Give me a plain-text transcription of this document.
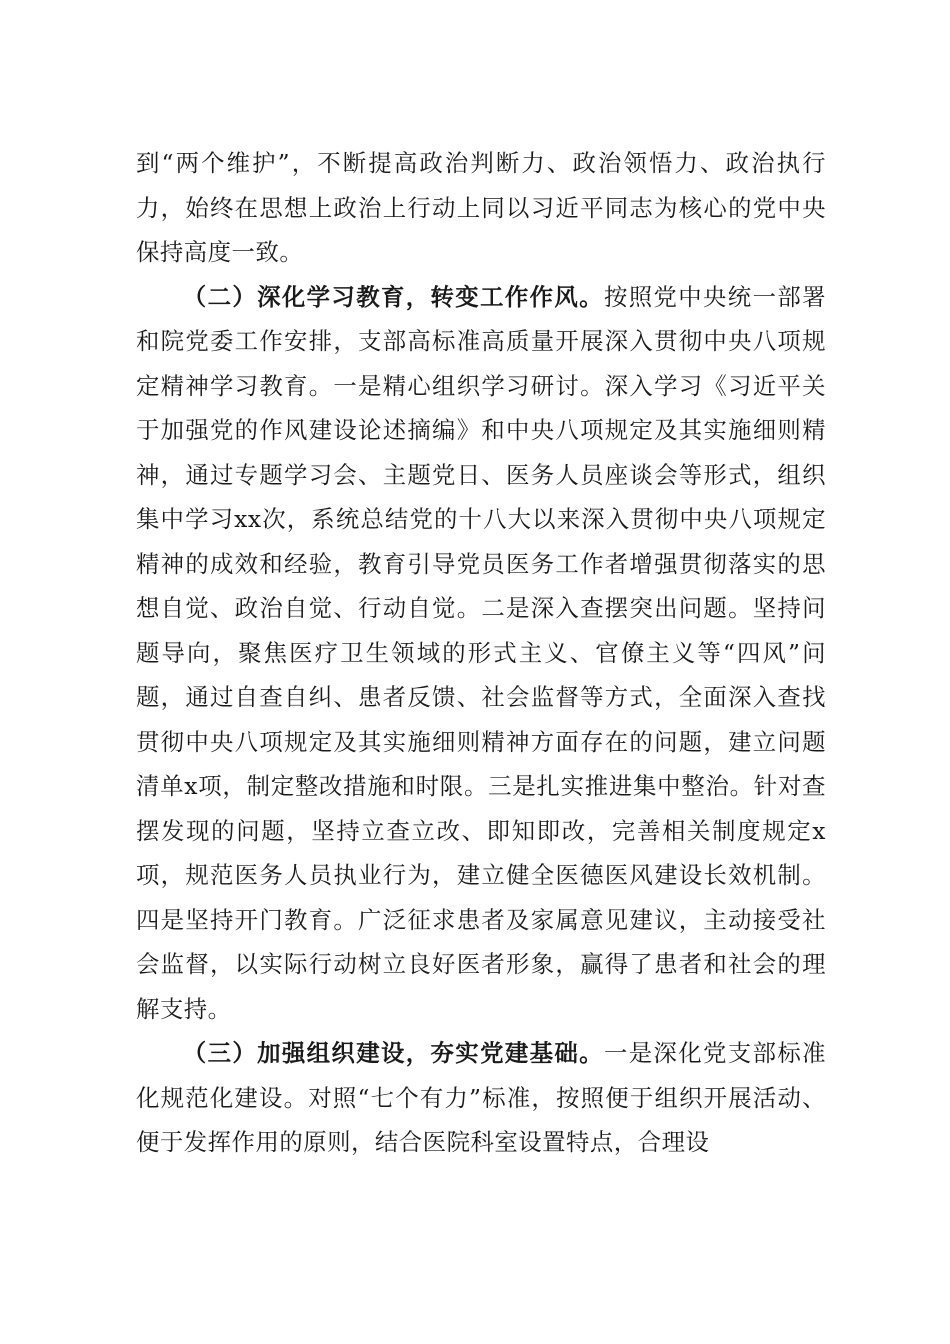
到“两个维护”，不断提高政治判断力、政治领悟力、政治执行力，始终在思想上政治上行动上同以习近平同志为核心的党中央保持高度一致。

（二）深化学习教育，转变工作作风。按照党中央统一部署和院党委工作安排，支部高标准高质量开展深入贯彻中央八项规定精神学习教育。一是精心组织学习研讨。深入学习《习近平关于加强党的作风建设论述摘编》和中央八项规定及其实施细则精神，通过专题学习会、主题党日、医务人员座谈会等形式，组织集中学习xx次，系统总结党的十八大以来深入贯彻中央八项规定精神的成效和经验，教育引导党员医务工作者增强贯彻落实的思想自觉、政治自觉、行动自觉。二是深入查摆突出问题。坚持问题导向，聚焦医疗卫生领域的形式主义、官僚主义等“四风”问题，通过自查自纠、患者反馈、社会监督等方式，全面深入查找贯彻中央八项规定及其实施细则精神方面存在的问题，建立问题清单x项，制定整改措施和时限。三是扎实推进集中整治。针对查摆发现的问题，坚持立查立改、即知即改，完善相关制度规定x项，规范医务人员执业行为，建立健全医德医风建设长效机制。四是坚持开门教育。广泛征求患者及家属意见建议，主动接受社会监督，以实际行动树立良好医者形象，赢得了患者和社会的理解支持。

（三）加强组织建设，夯实党建基础。一是深化党支部标准化规范化建设。对照“七个有力”标准，按照便于组织开展活动、便于发挥作用的原则，结合医院科室设置特点，合理设
